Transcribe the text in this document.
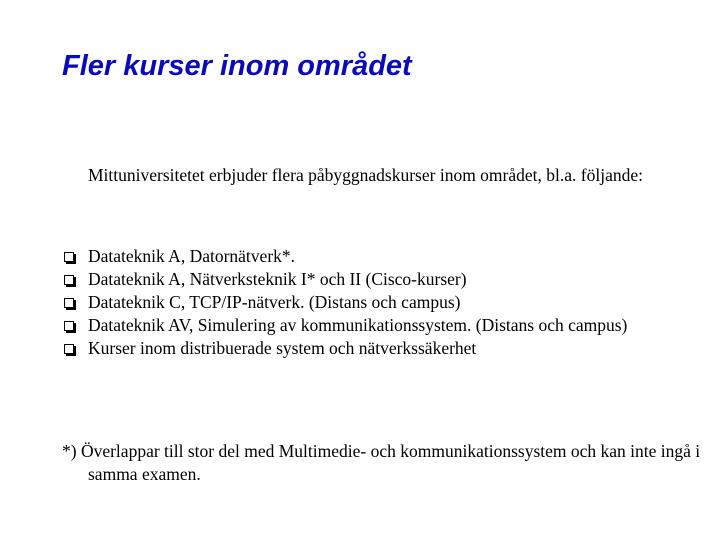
Fler kurser inom området

Mittuniversitetet erbjuder flera påbyggnadskurser inom området, bl.a. följande:

Datateknik A, Datornätverk*.
Datateknik A, Nätverksteknik I* och II (Cisco-kurser)
Datateknik C, TCP/IP-nätverk. (Distans och campus)
Datateknik AV, Simulering av kommunikationssystem. (Distans och campus)
Kurser inom distribuerade system och nätverkssäkerhet

*) Överlappar till stor del med Multimedie- och kommunikationssystem och kan inte ingå i samma examen.
